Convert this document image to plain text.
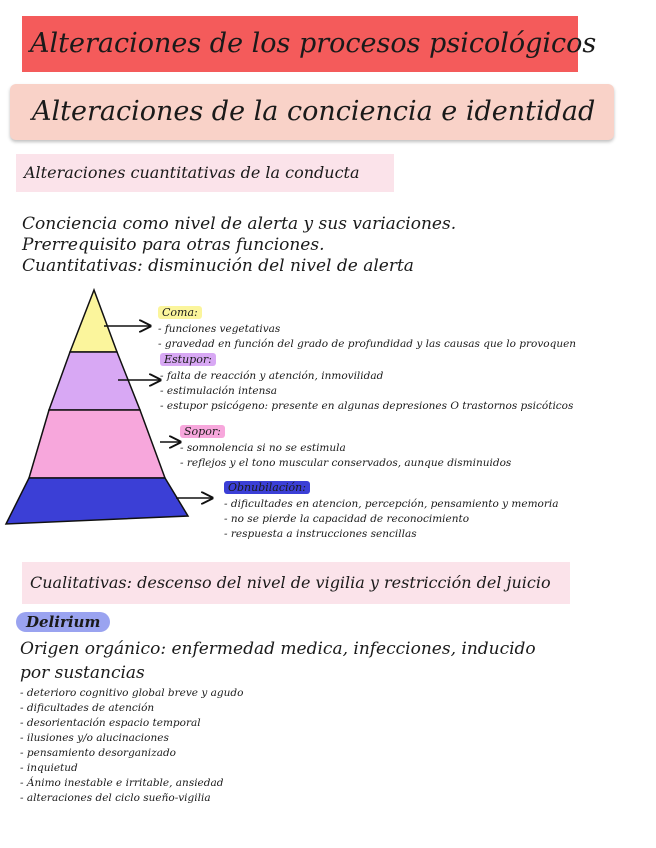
Alteraciones de los procesos psicológicos
Alteraciones de la conciencia e identidad
Alteraciones cuantitativas de la conducta
Conciencia como nivel de alerta y sus variaciones.
Prerrequisito para otras funciones.
Cuantitativas: disminución del nivel de alerta
Coma:
- funciones vegetativas
- gravedad en función del grado de profundidad y las causas que lo provoquen
Estupor:
- falta de reacción y atención, inmovilidad
- estimulación intensa
- estupor psicógeno: presente en algunas depresiones O trastornos psicóticos
Sopor:
- somnolencia si no se estimula
- reflejos y el tono muscular conservados, aunque disminuidos
Obnubilación:
- dificultades en atencion, percepción, pensamiento y memoria
- no se pierde la capacidad de reconocimiento
- respuesta a instrucciones sencillas
Cualitativas: descenso del nivel de vigilia y restricción del juicio
Delirium
Origen orgánico: enfermedad medica, infecciones, inducido por sustancias
- deterioro cognitivo global breve y agudo
- dificultades de atención
- desorientación espacio temporal
- ilusiones y/o alucinaciones
- pensamiento desorganizado
- inquietud
- Ánimo inestable e irritable, ansiedad
- alteraciones del ciclo sueño-vigilia
